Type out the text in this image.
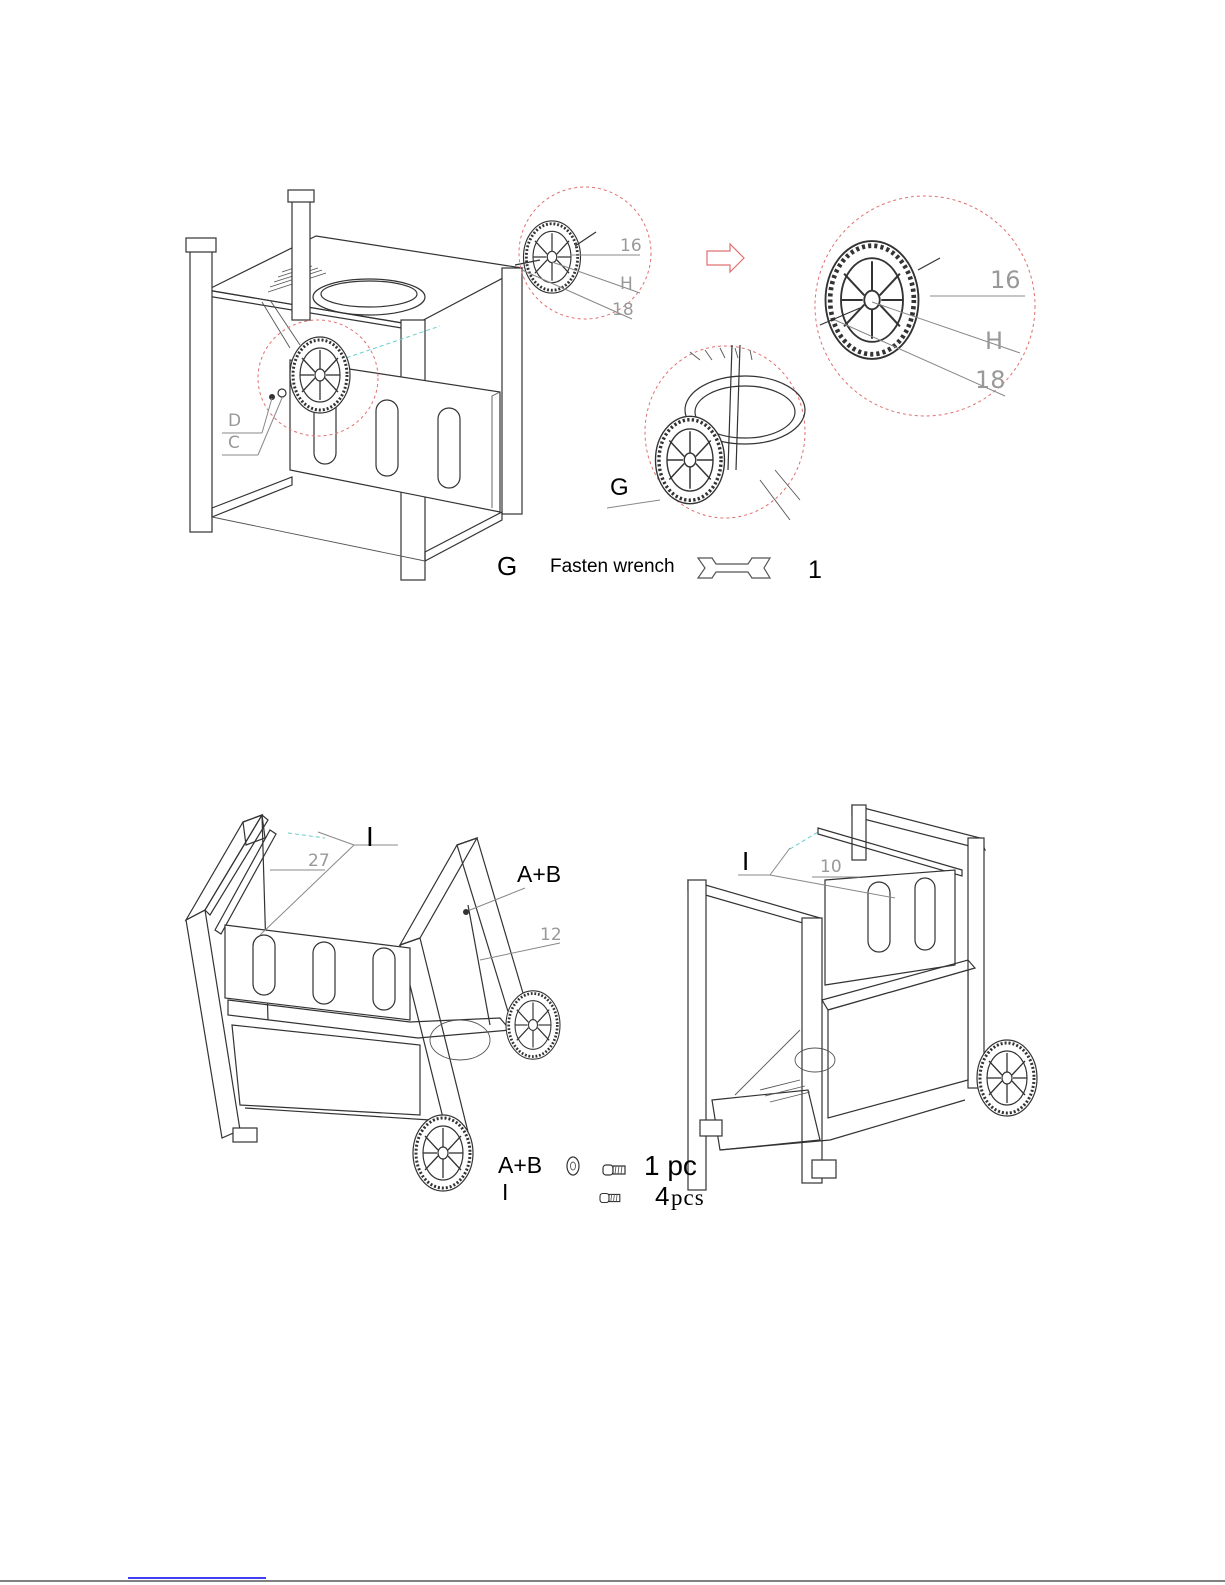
D
C
16
H
18
16
H
18
G
G Fasten wrench	1
I
A+B
27
12
I	10
A+B	1 pc
I	4 pcs
